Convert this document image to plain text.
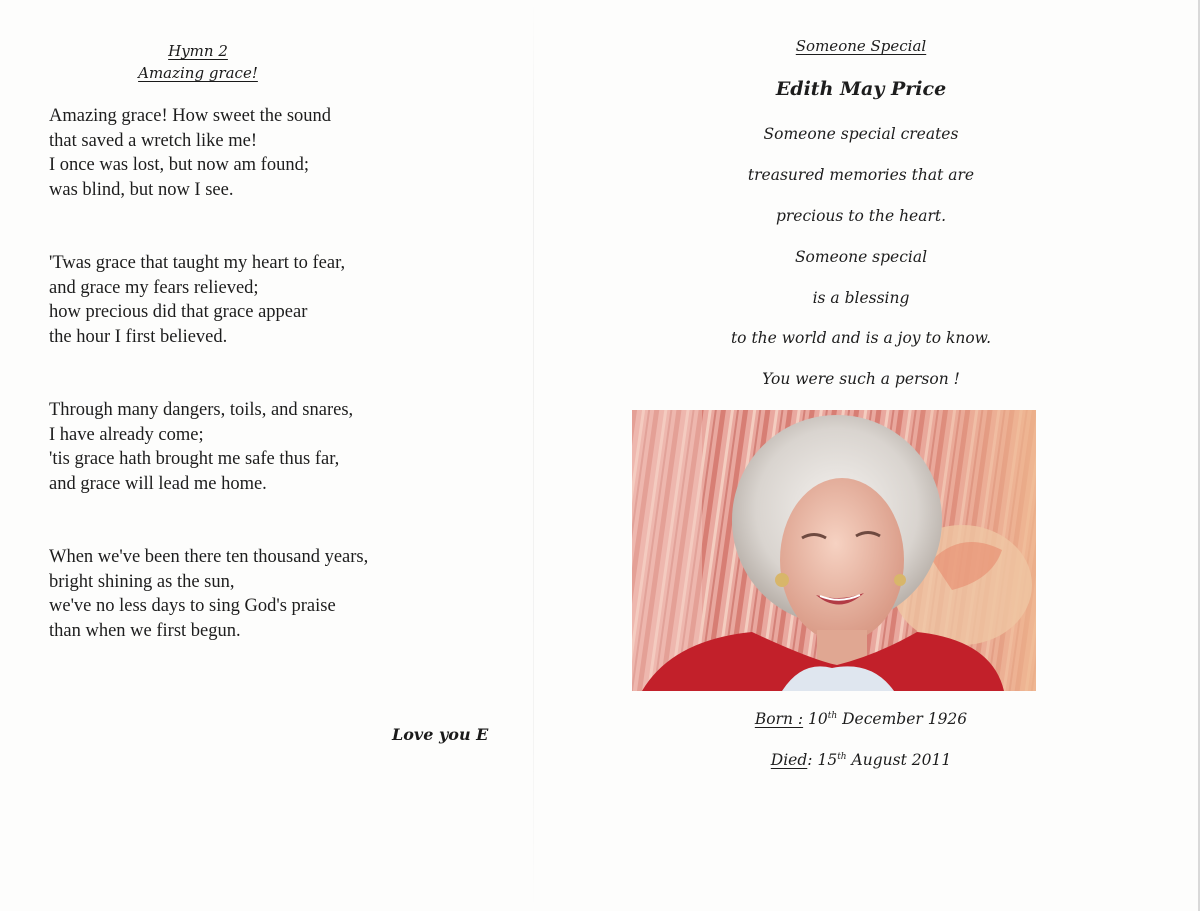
Hymn 2
Amazing grace!
Amazing grace! How sweet the sound
that saved a wretch like me!
I once was lost, but now am found;
was blind, but now I see.
'Twas grace that taught my heart to fear,
and grace my fears relieved;
how precious did that grace appear
the hour I first believed.
Through many dangers, toils, and snares,
I have already come;
'tis grace hath brought me safe thus far,
and grace will lead me home.
When we've been there ten thousand years,
bright shining as the sun,
we've no less days to sing God's praise
than when we first begun.
Love you E
Someone Special
Edith May Price
Someone special creates
treasured memories that are
precious to the heart.
Someone special
is a blessing
to the world and is a joy to know.
You were such a person !
Born : 10th December 1926
Died: 15th August 2011
